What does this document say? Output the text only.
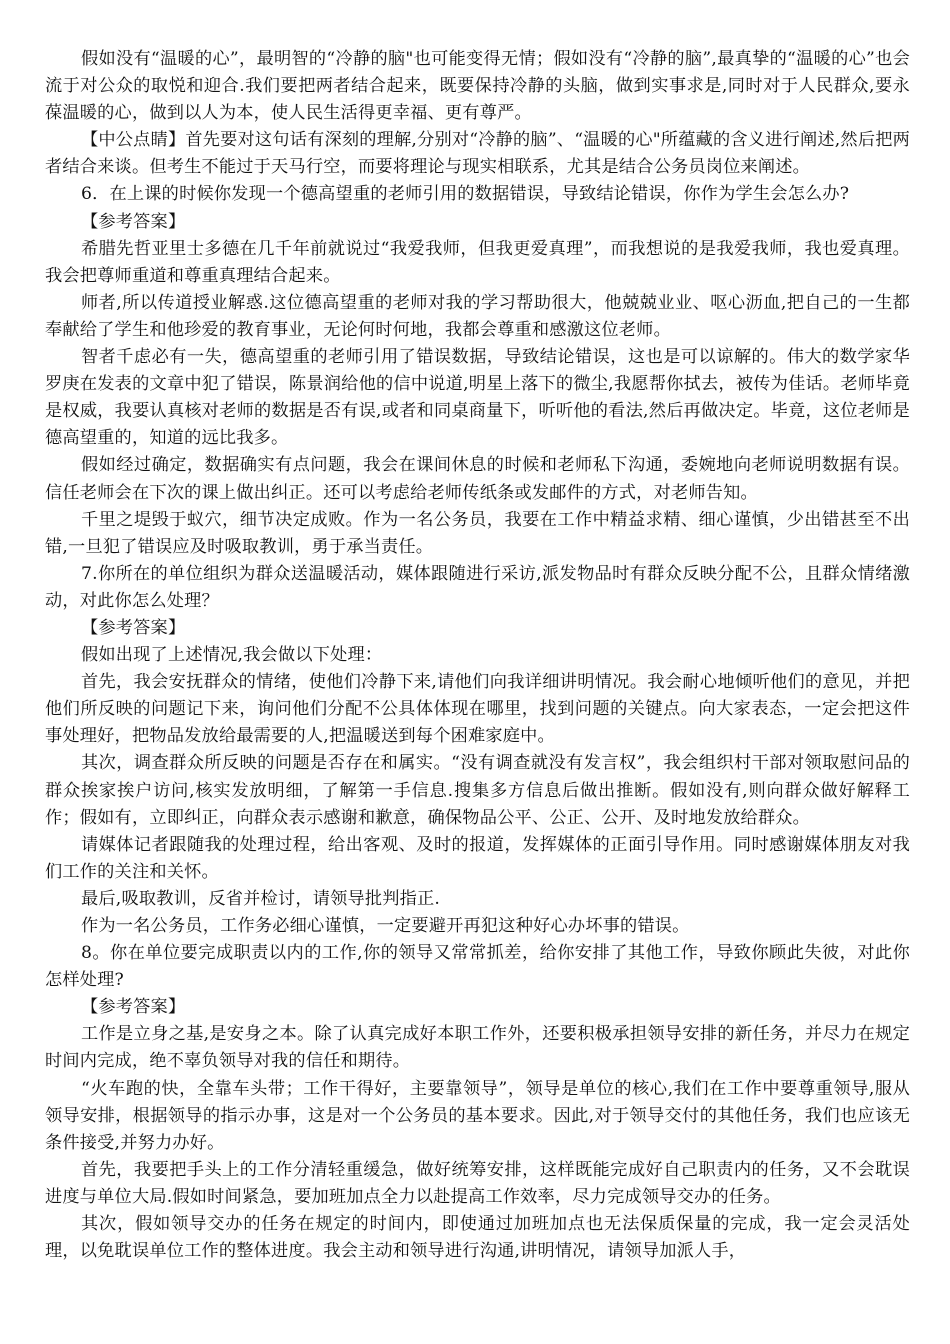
假如没有“温暖的心”，最明智的“冷静的脑"也可能变得无情；假如没有“冷静的脑”,最真挚的“温暖的心”也会流于对公众的取悦和迎合.我们要把两者结合起来，既要保持冷静的头脑，做到实事求是,同时对于人民群众,要永葆温暖的心，做到以人为本，使人民生活得更幸福、更有尊严。

【中公点睛】首先要对这句话有深刻的理解,分别对“冷静的脑”、“温暖的心"所蕴藏的含义进行阐述,然后把两者结合来谈。但考生不能过于天马行空，而要将理论与现实相联系，尤其是结合公务员岗位来阐述。

6．在上课的时候你发现一个德高望重的老师引用的数据错误，导致结论错误，你作为学生会怎么办?

【参考答案】

希腊先哲亚里士多德在几千年前就说过“我爱我师，但我更爱真理”，而我想说的是我爱我师，我也爱真理。我会把尊师重道和尊重真理结合起来。

师者,所以传道授业解惑.这位德高望重的老师对我的学习帮助很大，他兢兢业业、呕心沥血,把自己的一生都奉献给了学生和他珍爱的教育事业，无论何时何地，我都会尊重和感激这位老师。

智者千虑必有一失，德高望重的老师引用了错误数据，导致结论错误，这也是可以谅解的。伟大的数学家华罗庚在发表的文章中犯了错误，陈景润给他的信中说道,明星上落下的微尘,我愿帮你拭去，被传为佳话。老师毕竟是权威，我要认真核对老师的数据是否有误,或者和同桌商量下，听听他的看法,然后再做决定。毕竟，这位老师是德高望重的，知道的远比我多。

假如经过确定，数据确实有点问题，我会在课间休息的时候和老师私下沟通，委婉地向老师说明数据有误。信任老师会在下次的课上做出纠正。还可以考虑给老师传纸条或发邮件的方式，对老师告知。

千里之堤毁于蚁穴，细节决定成败。作为一名公务员，我要在工作中精益求精、细心谨慎，少出错甚至不出错,一旦犯了错误应及时吸取教训，勇于承当责任。

7.你所在的单位组织为群众送温暖活动，媒体跟随进行采访,派发物品时有群众反映分配不公，且群众情绪激动，对此你怎么处理？

【参考答案】

假如出现了上述情况,我会做以下处理：

首先，我会安抚群众的情绪，使他们冷静下来,请他们向我详细讲明情况。我会耐心地倾听他们的意见，并把他们所反映的问题记下来，询问他们分配不公具体体现在哪里，找到问题的关键点。向大家表态，一定会把这件事处理好，把物品发放给最需要的人,把温暖送到每个困难家庭中。

其次，调查群众所反映的问题是否存在和属实。“没有调查就没有发言权”，我会组织村干部对领取慰问品的群众挨家挨户访问,核实发放明细，了解第一手信息.搜集多方信息后做出推断。假如没有,则向群众做好解释工作；假如有，立即纠正，向群众表示感谢和歉意，确保物品公平、公正、公开、及时地发放给群众。

请媒体记者跟随我的处理过程，给出客观、及时的报道，发挥媒体的正面引导作用。同时感谢媒体朋友对我们工作的关注和关怀。

最后,吸取教训，反省并检讨，请领导批判指正.

作为一名公务员，工作务必细心谨慎，一定要避开再犯这种好心办坏事的错误。

8。你在单位要完成职责以内的工作,你的领导又常常抓差，给你安排了其他工作，导致你顾此失彼，对此你怎样处理?

【参考答案】

工作是立身之基,是安身之本。除了认真完成好本职工作外，还要积极承担领导安排的新任务，并尽力在规定时间内完成，绝不辜负领导对我的信任和期待。

“火车跑的快，全靠车头带；工作干得好，主要靠领导”，领导是单位的核心,我们在工作中要尊重领导,服从领导安排，根据领导的指示办事，这是对一个公务员的基本要求。因此,对于领导交付的其他任务，我们也应该无条件接受,并努力办好。

首先，我要把手头上的工作分清轻重缓急，做好统筹安排，这样既能完成好自己职责内的任务，又不会耽误进度与单位大局.假如时间紧急，要加班加点全力以赴提高工作效率，尽力完成领导交办的任务。

其次，假如领导交办的任务在规定的时间内，即使通过加班加点也无法保质保量的完成，我一定会灵活处理，以免耽误单位工作的整体进度。我会主动和领导进行沟通,讲明情况，请领导加派人手，
